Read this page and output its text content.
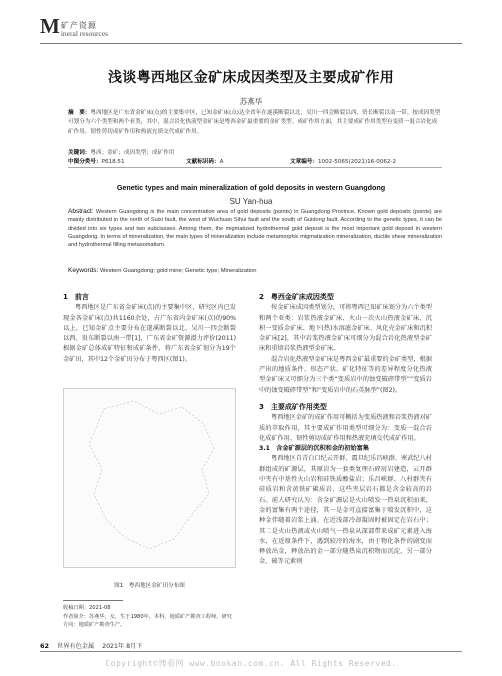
M 矿产资源
ineral resources
浅谈粤西地区金矿床成因类型及主要成矿作用
苏燕华
摘　要：粤西地区是广东省金矿床(点)的主要集中区，已知金矿床(点)达全省年在遂溪断裂以北，吴川一四会断裂以西，资长断裂以南一带。按成因类型可划分为六个类型和两个亚类，其中，混合岩化热液型金矿床是粤西金矿最重要的金矿类型。成矿作用方面，其主要成矿作用类型有变质一混合岩化成矿作用、韧性剪切成矿作用和热液充填交代成矿作用。
关键词：粤西；金矿；成因类型；成矿作用
中图分类号：P618.51	文献标识码：A	文章编号：1002-5065(2021)16-0062-2
Genetic types and main mineralization of gold deposits in western Guangdong
SU Yan-hua
Abstract: Western Guangdong is the main concentration area of gold deposits (points) in Guangdong Province. Known gold deposits (points) are mainly distributed in the north of Suixi fault, the west of Wuchuan Sihui fault and the south of Guidong fault. According to the genetic types, it can be divided into six types and two subclasses. Among them, the migmatized hydrothermal gold deposit is the most important gold deposit in western Guangdong. In terms of mineralization, the main types of mineralization include metamorphic migmatization mineralization, ductile shear mineralization and hydrothermal filling metasomatism.
Keywords: Western Guangdong; gold mine; Genetic type; Mineralization
1　前言
粤西地区是广东省金矿床(点)的主要集中区，研究区内已发现金各金矿床(点)共1160余处，占广东省内金矿床(点)的90%以上，已知金矿点主要分布在遂溪断裂以北、吴川一四会断裂以西、贵东断裂以南一带[1]，广东省金矿资源潜力评价(2011)根据金矿总体成矿特征和成矿条件，将广东省金矿划分为19个金矿田，其中12个金矿田分布于粤西区(图1)。
图1　粤西地区金矿田分布图
收稿日期：2021-08
作者简介：苏燕华，女，生于1980年，本科，地质矿产勘查工程师，研究方向：地质矿产勘查生产。
2　粤西金矿床成因类型
按金矿床成因类型划分，可将粤西已知矿床划分为六个类型和两个亚类：岩浆热液金矿床、火山一次火山热液金矿床、沉积一变质金矿床、地下(热)水溶滤金矿床、风化壳金矿床和沉积金矿床[2]，其中岩浆热液金矿床可细分为混合岩化热液型金矿床和重熔岩浆热液型金矿床。
混合岩化热液型金矿床是粤西金矿最重要的金矿类型，根据产出的地质条件、形态产状、矿化特征等的差异程度分化热液型金矿床又可细分为三个类“变质岩中的蚀变破碎带型”“变质岩中的蚀变破碎带型”和“变质岩中的石英脉型”(图2)。
3　主要成矿作用类型
粤西地区金矿的成矿作用可概括为变质热液和岩浆热液对矿质的萃取作用，其主要成矿作用类型可细分为：变质一混合岩化成矿作用、韧性剪切成矿作用和热液充填交代成矿作用。
3.1　含金矿源层的沉积和金的初始富集
粤西地区自青白口纪云开群、震旦纪乐昌峡群、寒武纪八村群组成的矿源层，其原岩为一套类复理石碎屑岩建造，云开群中夹有中基性火山岩和硅铁质酸盐岩；乐昌峡群、八村群夹有硅质岩和含黄铁矿碳质岩，这些夹层岩石都是含金较高的岩石。前人研究认为：含金矿源层是火山喷发一热泉沉积而来，金的富集有两个途径，其一是金可直接富集于喷发沉积中，这种金伴随着岩浆上涌、在近浅部冷却凝固时被固定在岩石中；其二是火山热液或火山喷气一热泉从深部带来成矿元素进入海水，在近原条件下，遇到较冷的海水，由于物化条件的剧变而释放出金，释放出的金一部分随热泉沉积物而沉淀，另一部分金、硫等元素则
62 世界有色金属 2021年 8月下
Copyright©博看网 www.bookan.com.cn. All Rights Reserved.
